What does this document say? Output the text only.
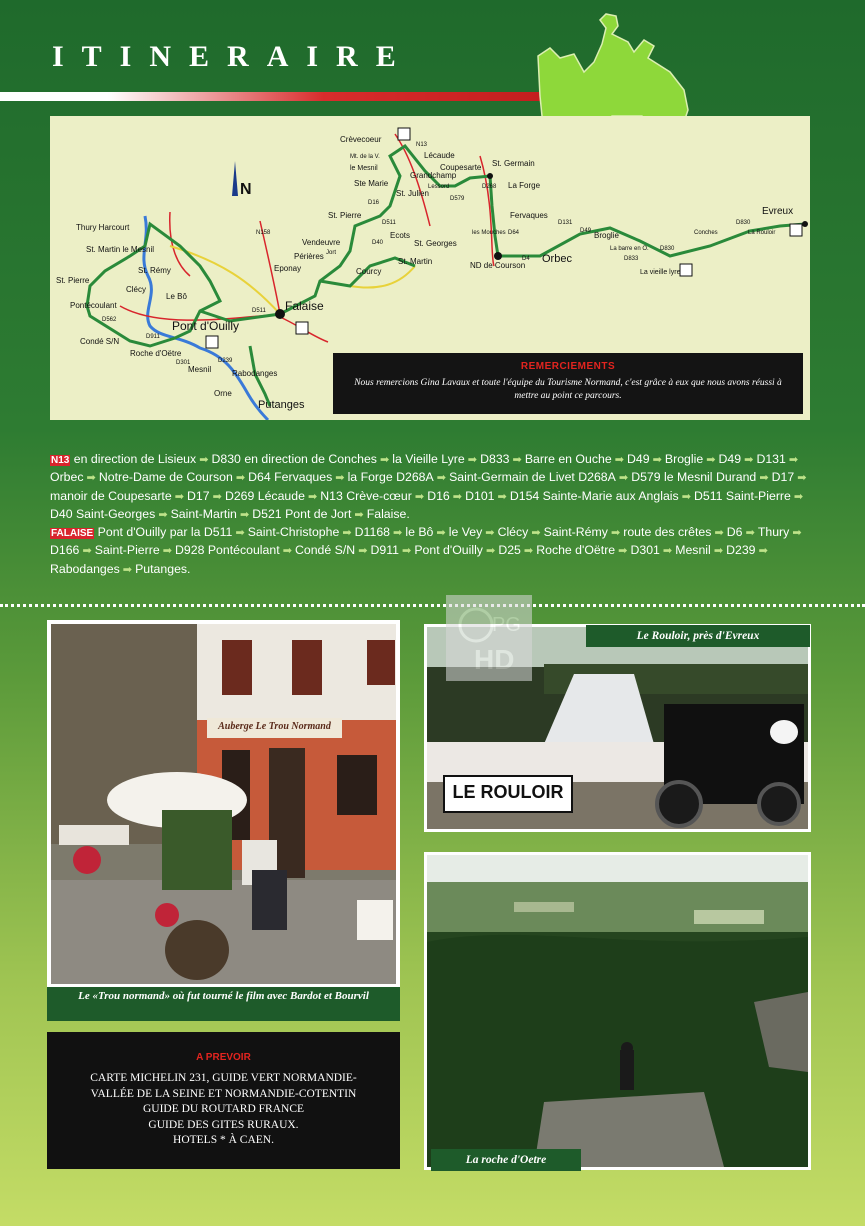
ITINERAIRE
N
Thury Harcourt
St. Martin le Mesnil
St. Rémy
Clécy
St. Pierre
Le Bô
Pontécoulant
D562
Condé S/N	D911
Pont d'Ouilly
Roche d'Oëtre
D301
Mesnil
D239
Rabodanges
Orne
Putanges
D511 Falaise
N158
Eponay
Périères
Vendeuvre
Jort
St. Pierre
Courcy
D40
Ecots
St. Georges
St. Martin
D511
Ste Marie
D16
Crèvecoeur
Mt. de la V.
le Mesnil
N13
Lécaude
Grandchamp
Coupesarte
St. Julien
Lessord
St. Germain
La Forge
D268
D579
Fervaques
D64
les Mouches
ND de Courson
D4 Orbec
D131
D49 Broglie
La barre en O.
D833
La vieille lyre
D830
Conches
D830
La Rouloir
Evreux
REMERCIEMENTS
Nous remercions Gina Lavaux et toute l'équipe du Tourisme Normand, c'est grâce à eux que nous avons réussi à mettre au point ce parcours.
N13 en direction de Lisieux ➡ D830 en direction de Conches ➡ la Vieille Lyre ➡ D833 ➡ Barre en Ouche ➡ D49 ➡ Broglie ➡ D49 ➡ D131 ➡ Orbec ➡ Notre-Dame de Courson ➡ D64 Fervaques ➡ la Forge D268A ➡ Saint-Germain de Livet D268A ➡ D579 le Mesnil Durand ➡ D17 ➡ manoir de Coupesarte ➡ D17 ➡ D269 Lécaude ➡ N13 Crève-cœur ➡ D16 ➡ D101 ➡ D154 Sainte-Marie aux Anglais ➡ D511 Saint-Pierre ➡ D40 Saint-Georges ➡ Saint-Martin ➡ D521 Pont de Jort ➡ Falaise.
FALAISE Pont d'Ouilly par la D511 ➡ Saint-Christophe ➡ D1168 ➡ le Bô ➡ le Vey ➡ Clécy ➡ Saint-Rémy ➡ route des crêtes ➡ D6 ➡ Thury ➡ D166 ➡ Saint-Pierre ➡ D928 Pontécoulant ➡ Condé S/N ➡ D911 ➡ Pont d'Ouilly ➡ D25 ➡ Roche d'Oëtre ➡ D301 ➡ Mesnil ➡ D239 ➡ Rabodanges ➡ Putanges.
Auberge Le Trou Normand
Le «Trou normand» où fut tourné le film avec Bardot et Bourvil
LE ROULOIR
Le Rouloir, près d'Evreux
PG
HD
La roche d'Oetre
A PREVOIR
CARTE MICHELIN 231, GUIDE VERT NORMANDIE-
VALLÉE DE LA SEINE ET NORMANDIE-COTENTIN
GUIDE DU ROUTARD FRANCE
GUIDE DES GITES RURAUX.
HOTELS * À CAEN.
